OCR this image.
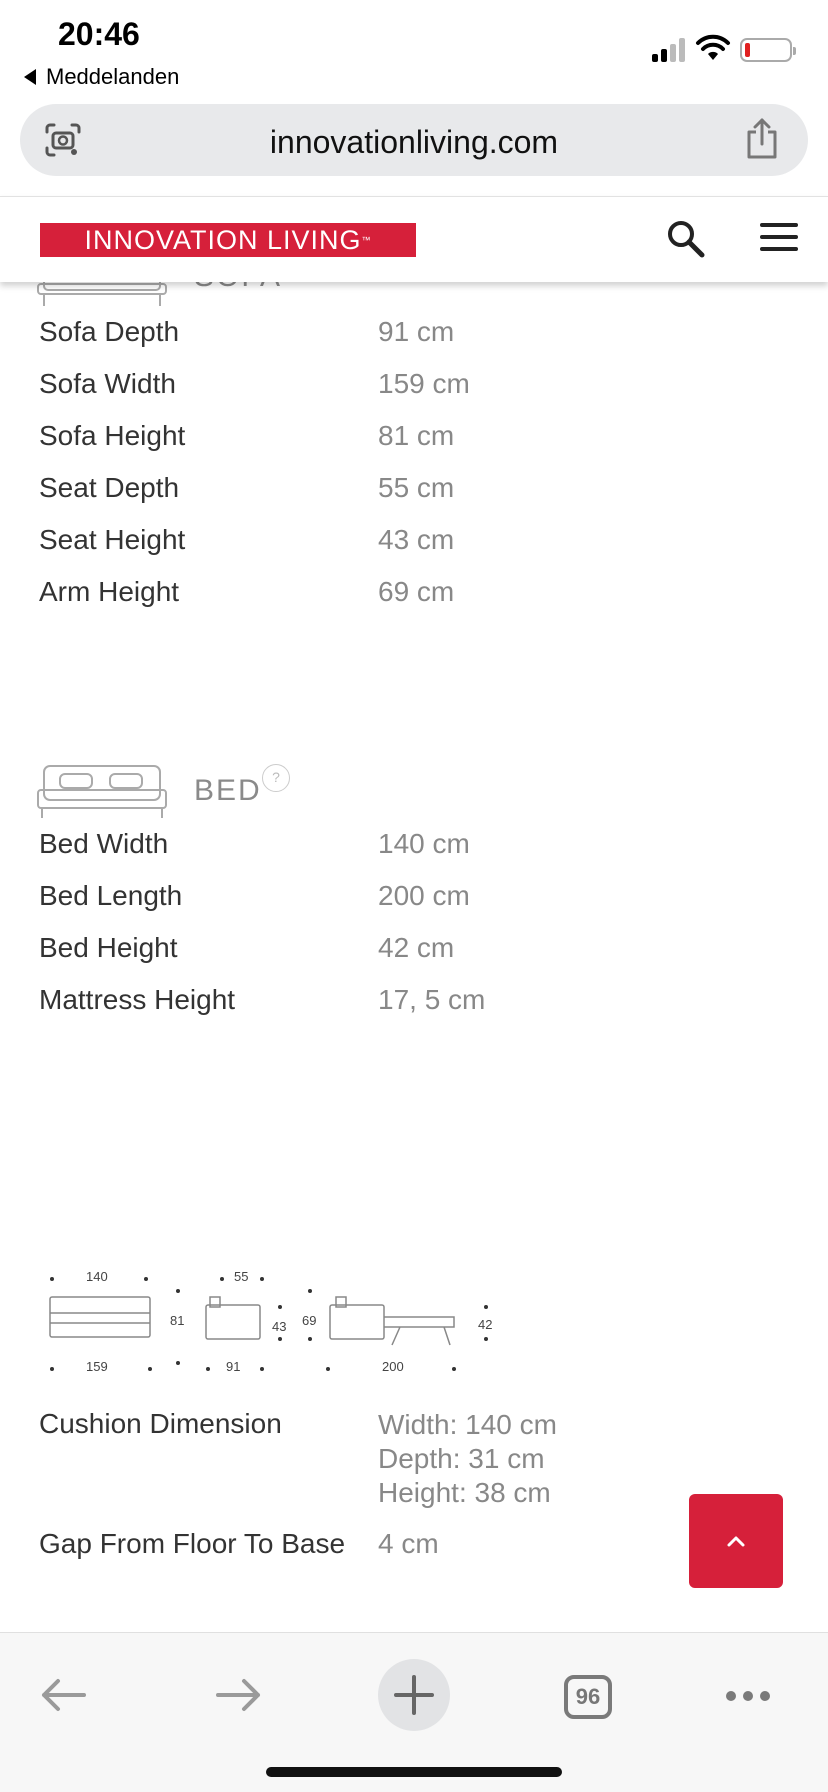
20:46
Meddelanden
innovationliving.com
INNOVATION LIVING™
Sofa Depth	91 cm
Sofa Width	159 cm
Sofa Height	81 cm
Seat Depth	55 cm
Seat Height	43 cm
Arm Height	69 cm
BED ?
Bed Width	140 cm
Bed Length	200 cm
Bed Height	42 cm
Mattress Height	17, 5 cm
140	55
81	43 69	42
159	91	200
Cushion Dimension	Width: 140 cm
Depth: 31 cm
Height: 38 cm
Gap From Floor To Base 4 cm
96
